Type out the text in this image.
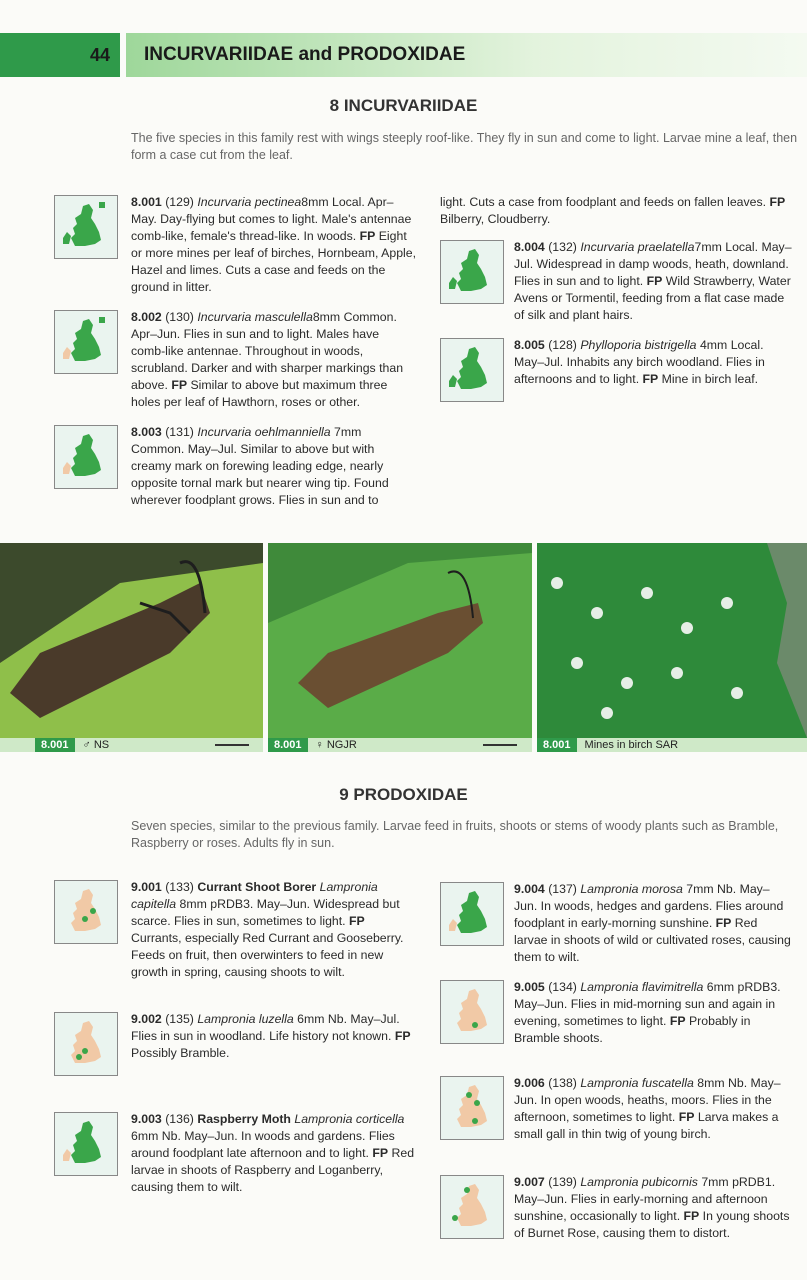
44 INCURVARIIDAE and PRODOXIDAE
8 INCURVARIIDAE
The five species in this family rest with wings steeply roof-like. They fly in sun and come to light. Larvae mine a leaf, then form a case cut from the leaf.
8.001 (129) Incurvaria pectinea8mm Local. Apr–May. Day-flying but comes to light. Male's antennae comb-like, female's thread-like. In woods. FP Eight or more mines per leaf of birches, Hornbeam, Apple, Hazel and limes. Cuts a case and feeds on the ground in litter.
8.002 (130) Incurvaria masculella8mm Common. Apr–Jun. Flies in sun and to light. Males have comb-like antennae. Throughout in woods, scrubland. Darker and with sharper markings than above. FP Similar to above but maximum three holes per leaf of Hawthorn, roses or other.
8.003 (131) Incurvaria oehlmanniella 7mm Common. May–Jul. Similar to above but with creamy mark on forewing leading edge, nearly opposite tornal mark but nearer wing tip. Found wherever foodplant grows. Flies in sun and to
light. Cuts a case from foodplant and feeds on fallen leaves. FP Bilberry, Cloudberry.
8.004 (132) Incurvaria praelatella7mm Local. May–Jul. Widespread in damp woods, heath, downland. Flies in sun and to light. FP Wild Strawberry, Water Avens or Tormentil, feeding from a flat case made of silk and plant hairs.
8.005 (128) Phylloporia bistrigella 4mm Local. May–Jul. Inhabits any birch woodland. Flies in afternoons and to light. FP Mine in birch leaf.
8.001 ♂ NS	8.001 ♀ NGJR	8.001 Mines in birch SAR
9 PRODOXIDAE
Seven species, similar to the previous family. Larvae feed in fruits, shoots or stems of woody plants such as Bramble, Raspberry or roses. Adults fly in sun.
9.001 (133) Currant Shoot Borer Lampronia capitella 8mm pRDB3. May–Jun. Widespread but scarce. Flies in sun, sometimes to light. FP Currants, especially Red Currant and Gooseberry. Feeds on fruit, then overwinters to feed in new growth in spring, causing shoots to wilt.
9.002 (135) Lampronia luzella 6mm Nb. May–Jul. Flies in sun in woodland. Life history not known. FP Possibly Bramble.
9.003 (136) Raspberry Moth Lampronia corticella 6mm Nb. May–Jun. In woods and gardens. Flies around foodplant late afternoon and to light. FP Red larvae in shoots of Raspberry and Loganberry, causing them to wilt.
9.004 (137) Lampronia morosa 7mm Nb. May– Jun. In woods, hedges and gardens. Flies around foodplant in early-morning sunshine. FP Red larvae in shoots of wild or cultivated roses, causing them to wilt.
9.005 (134) Lampronia flavimitrella 6mm pRDB3. May–Jun. Flies in mid-morning sun and again in evening, sometimes to light. FP Probably in Bramble shoots.
9.006 (138) Lampronia fuscatella 8mm Nb. May–Jun. In open woods, heaths, moors. Flies in the afternoon, sometimes to light. FP Larva makes a small gall in thin twig of young birch.
9.007 (139) Lampronia pubicornis 7mm pRDB1. May–Jun. Flies in early-morning and afternoon sunshine, occasionally to light. FP In young shoots of Burnet Rose, causing them to distort.
